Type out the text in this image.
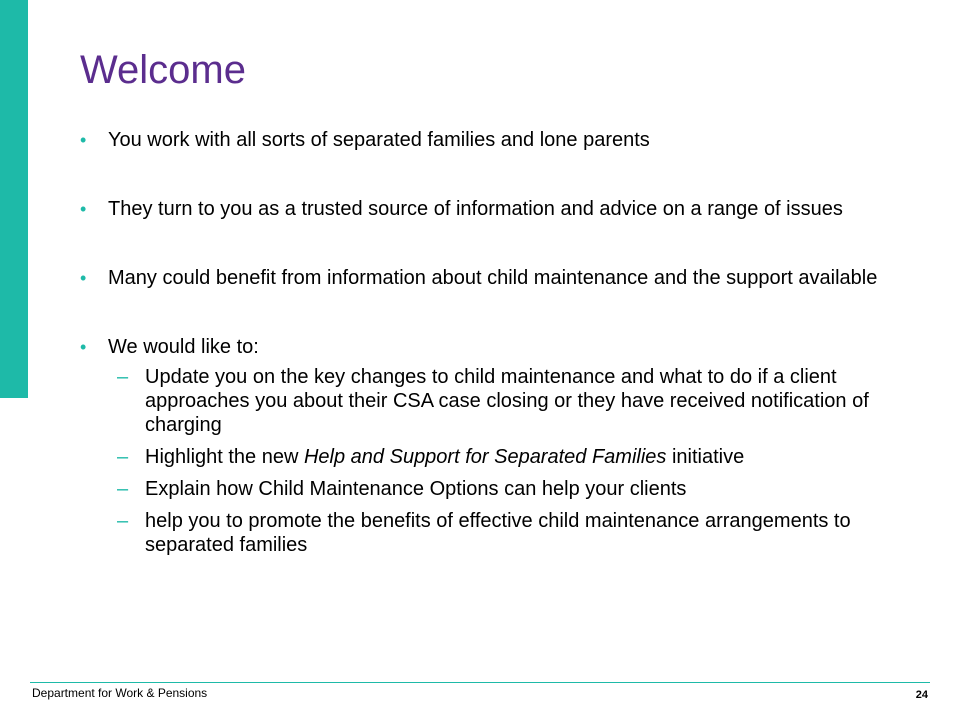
Welcome
• You work with all sorts of separated families and lone parents
• They turn to you as a trusted source of information and advice on a range of issues
• Many could benefit from information about child maintenance and the support available
• We would like to:
– Update you on the key changes to child maintenance and what to do if a client approaches you about their CSA case closing or they have received notification of charging
– Highlight the new Help and Support for Separated Families initiative
– Explain how Child Maintenance Options can help your clients
– help you to promote the benefits of effective child maintenance arrangements to separated families
Department for Work & Pensions	24
